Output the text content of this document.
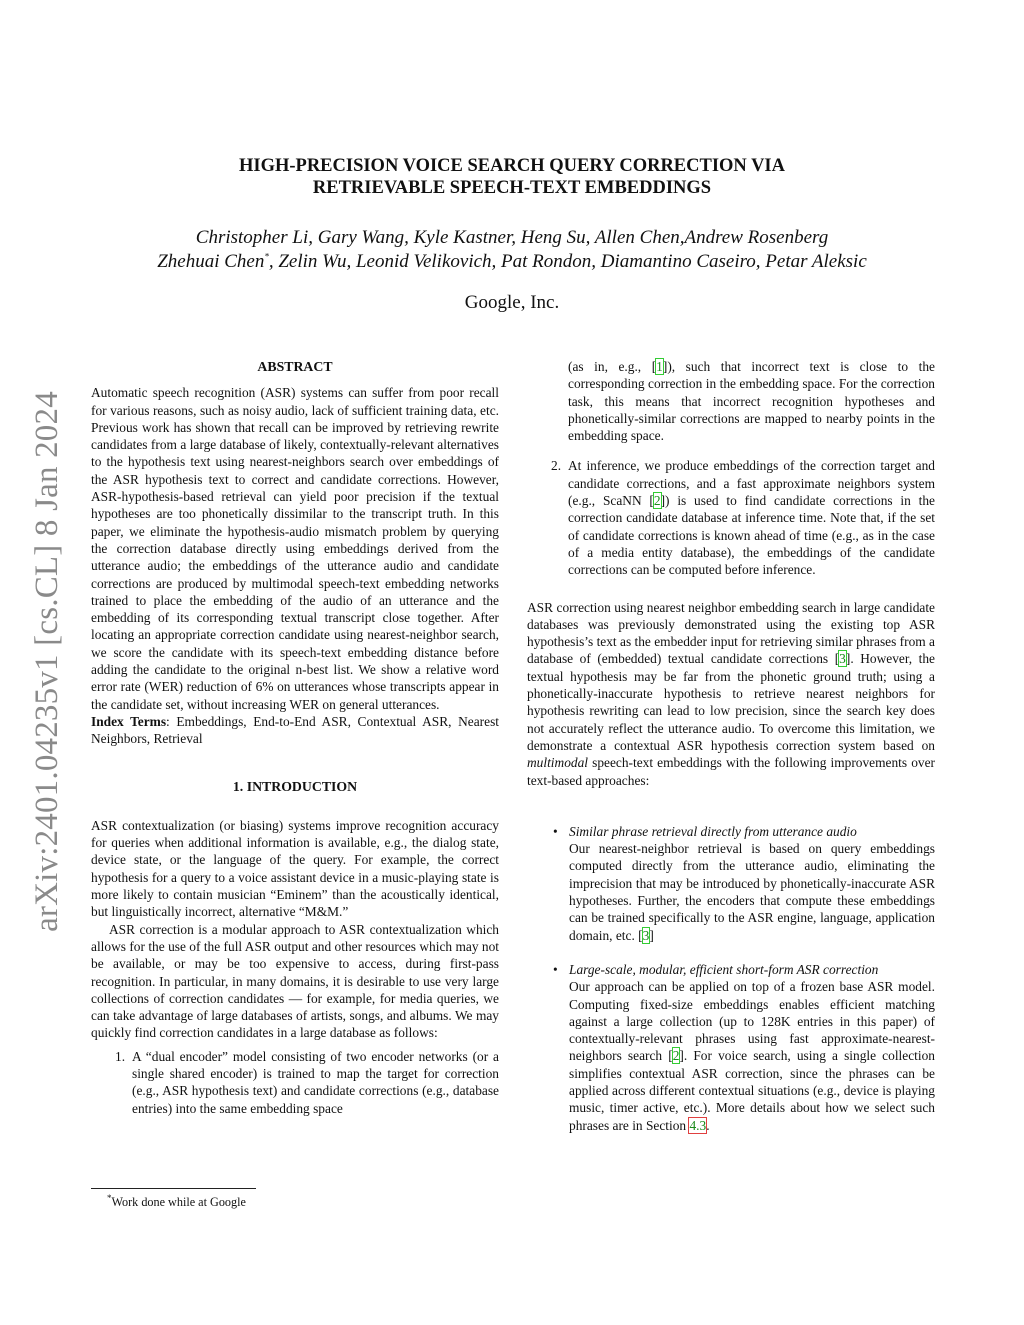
arXiv:2401.04235v1 [cs.CL] 8 Jan 2024
HIGH-PRECISION VOICE SEARCH QUERY CORRECTION VIA
RETRIEVABLE SPEECH-TEXT EMBEDDINGS
Christopher Li, Gary Wang, Kyle Kastner, Heng Su, Allen Chen,Andrew Rosenberg
Zhehuai Chen*, Zelin Wu, Leonid Velikovich, Pat Rondon, Diamantino Caseiro, Petar Aleksic
Google, Inc.
ABSTRACT

Automatic speech recognition (ASR) systems can suffer from poor recall for various reasons, such as noisy audio, lack of sufficient training data, etc. Previous work has shown that recall can be improved by retrieving rewrite candidates from a large database of likely, contextually-relevant alternatives to the hypothesis text using nearest-neighbors search over embeddings of the ASR hypothesis text to correct and candidate corrections. However, ASR-hypothesis-based retrieval can yield poor precision if the textual hypotheses are too phonetically dissimilar to the transcript truth. In this paper, we eliminate the hypothesis-audio mismatch problem by querying the correction database directly using embeddings derived from the utterance audio; the embeddings of the utterance audio and candidate corrections are produced by multimodal speech-text embedding networks trained to place the embedding of the audio of an utterance and the embedding of its corresponding textual transcript close together. After locating an appropriate correction candidate using nearest-neighbor search, we score the candidate with its speech-text embedding distance before adding the candidate to the original n-best list. We show a relative word error rate (WER) reduction of 6% on utterances whose transcripts appear in the candidate set, without increasing WER on general utterances.

Index Terms: Embeddings, End-to-End ASR, Contextual ASR, Nearest Neighbors, Retrieval

1. INTRODUCTION

ASR contextualization (or biasing) systems improve recognition accuracy for queries when additional information is available, e.g., the dialog state, device state, or the language of the query. For example, the correct hypothesis for a query to a voice assistant device in a music-playing state is more likely to contain musician “Eminem” than the acoustically identical, but linguistically incorrect, alternative “M&M.”

ASR correction is a modular approach to ASR contextualization which allows for the use of the full ASR output and other resources which may not be available, or may be too expensive to access, during first-pass recognition. In particular, in many domains, it is desirable to use very large collections of correction candidates — for example, for media queries, we can take advantage of large databases of artists, songs, and albums. We may quickly find correction candidates in a large database as follows:

1. A “dual encoder” model consisting of two encoder networks (or a single shared encoder) is trained to map the target for correction (e.g., ASR hypothesis text) and candidate corrections (e.g., database entries) into the same embedding space
(as in, e.g., [1]), such that incorrect text is close to the corresponding correction in the embedding space. For the correction task, this means that incorrect recognition hypotheses and phonetically-similar corrections are mapped to nearby points in the embedding space.
2. At inference, we produce embeddings of the correction target and candidate corrections, and a fast approximate neighbors system (e.g., ScaNN [2]) is used to find candidate corrections in the correction candidate database at inference time. Note that, if the set of candidate corrections is known ahead of time (e.g., as in the case of a media entity database), the embeddings of the candidate corrections can be computed before inference.

ASR correction using nearest neighbor embedding search in large candidate databases was previously demonstrated using the existing top ASR hypothesis’s text as the embedder input for retrieving similar phrases from a database of (embedded) textual candidate corrections [3]. However, the textual hypothesis may be far from the phonetic ground truth; using a phonetically-inaccurate hypothesis to retrieve nearest neighbors for hypothesis rewriting can lead to low precision, since the search key does not accurately reflect the utterance audio. To overcome this limitation, we demonstrate a contextual ASR hypothesis correction system based on multimodal speech-text embeddings with the following improvements over text-based approaches:

• Similar phrase retrieval directly from utterance audio
Our nearest-neighbor retrieval is based on query embeddings computed directly from the utterance audio, eliminating the imprecision that may be introduced by phonetically-inaccurate ASR hypotheses. Further, the encoders that compute these embeddings can be trained specifically to the ASR engine, language, application domain, etc. [3]
• Large-scale, modular, efficient short-form ASR correction
Our approach can be applied on top of a frozen base ASR model. Computing fixed-size embeddings enables efficient matching against a large collection (up to 128K entries in this paper) of contextually-relevant phrases using fast approximate-nearest-neighbors search [2]. For voice search, using a single collection simplifies contextual ASR correction, since the phrases can be applied across different contextual situations (e.g., device is playing music, timer active, etc.). More details about how we select such phrases are in Section 4.3.
*Work done while at Google
